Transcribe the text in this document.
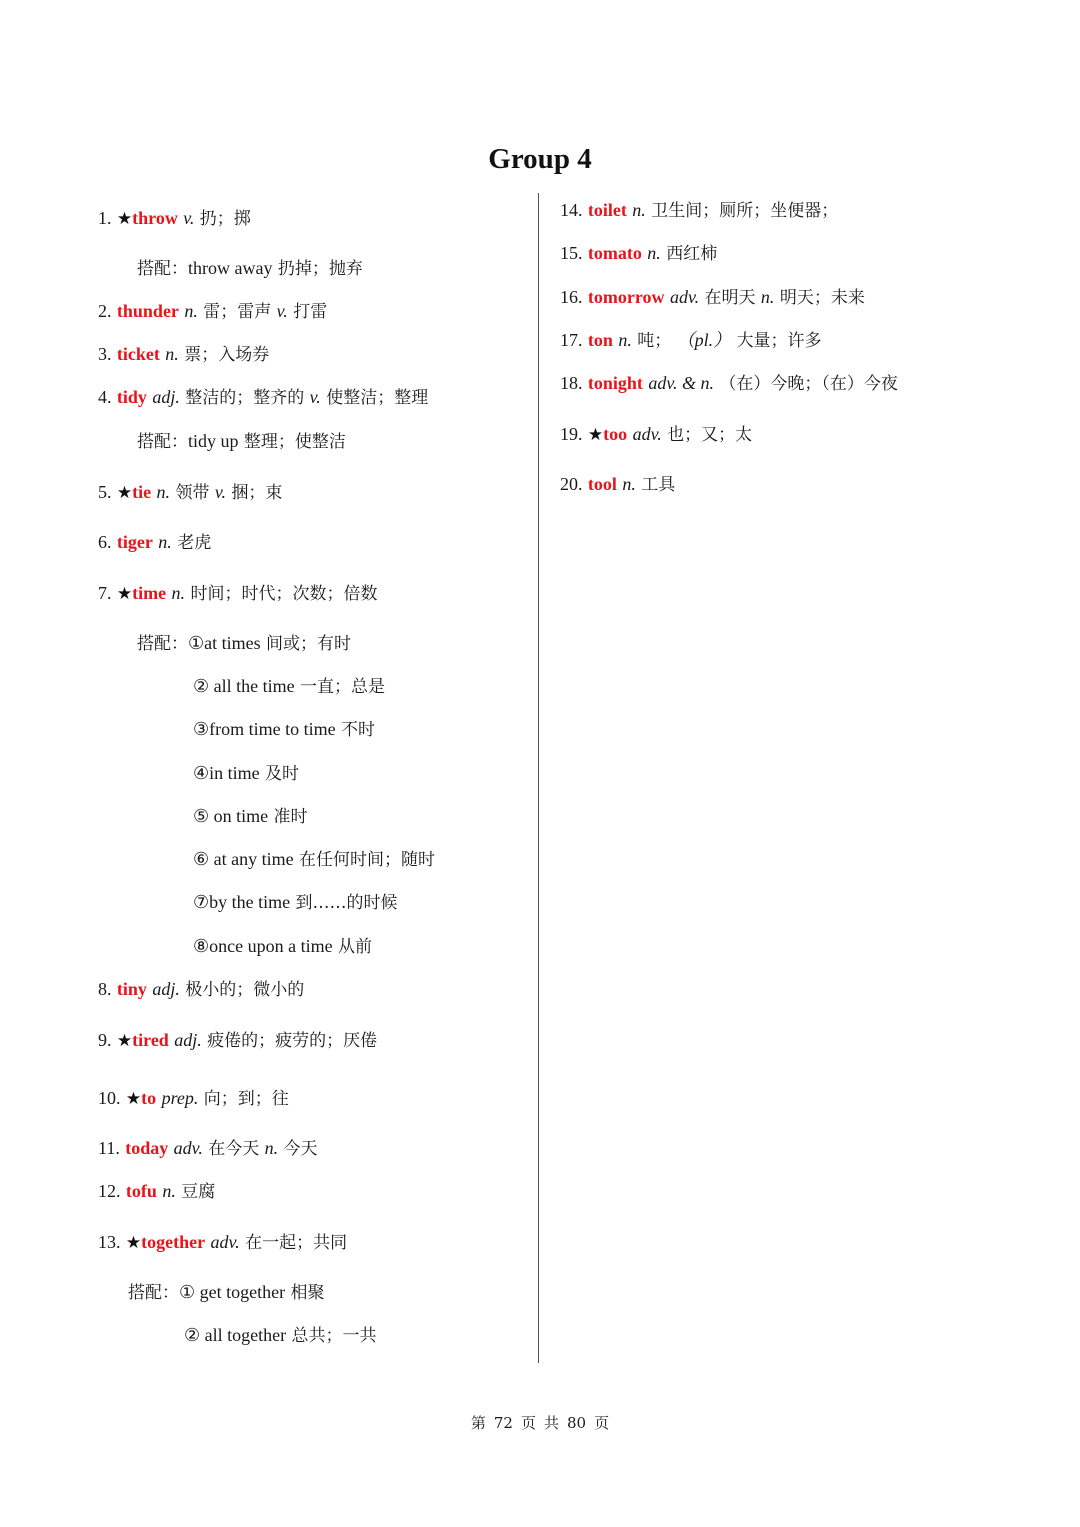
Group 4
1. ★throw v. 扔；掷
搭配：throw away 扔掉；抛弃
2. thunder n. 雷；雷声 v. 打雷
3. ticket n. 票；入场券
4. tidy adj. 整洁的；整齐的 v. 使整洁；整理
搭配：tidy up 整理；使整洁
5. ★tie n. 领带 v. 捆；束
6. tiger n. 老虎
7. ★time n. 时间；时代；次数；倍数
搭配：①at times 间或；有时
② all the time 一直；总是
③from time to time 不时
④in time 及时
⑤ on time 准时
⑥ at any time 在任何时间；随时
⑦by the time 到……的时候
⑧once upon a time 从前
8. tiny adj. 极小的；微小的
9. ★tired adj. 疲倦的；疲劳的；厌倦
10. ★to prep. 向；到；往
11. today adv. 在今天 n. 今天
12. tofu n. 豆腐
13. ★together adv. 在一起；共同
搭配：① get together 相聚
② all together 总共；一共
14. toilet n. 卫生间；厕所；坐便器；
15. tomato n. 西红柿
16. tomorrow adv. 在明天 n. 明天；未来
17. ton n. 吨； （pl.） 大量；许多
18. tonight adv. & n. （在）今晚；（在）今夜
19. ★too adv. 也；又；太
20. tool n. 工具
第 72 页 共 80 页
